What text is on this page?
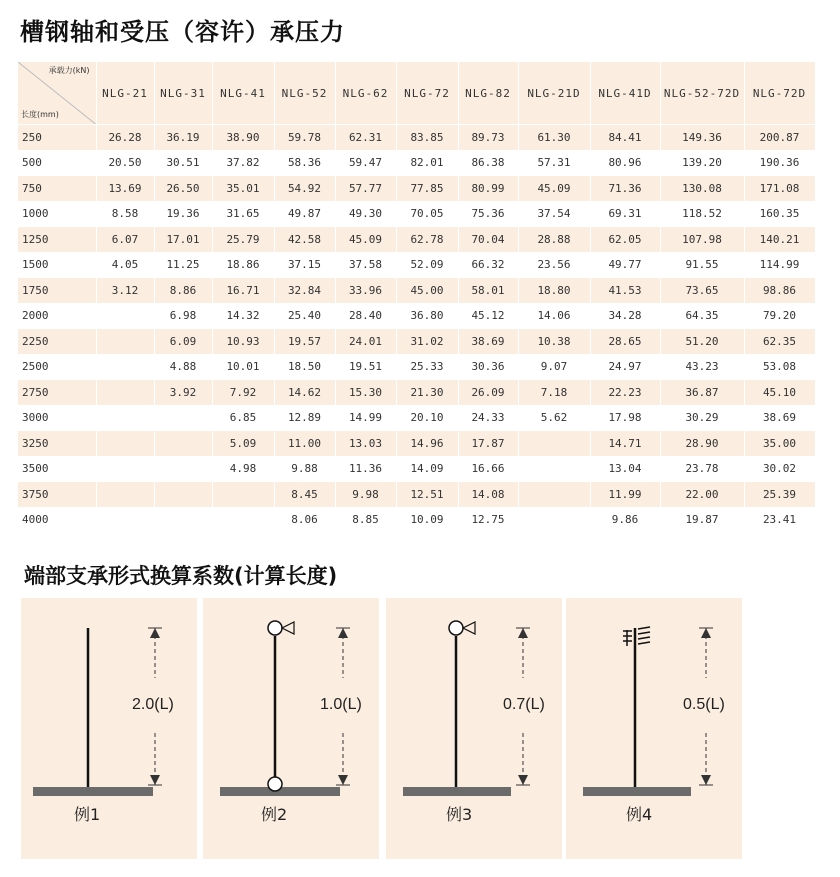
槽钢轴和受压（容许）承压力
承载力(kN)
长度(mm)	NLG-21	NLG-31	NLG-41	NLG-52	NLG-62	NLG-72	NLG-82	NLG-21D	NLG-41D	NLG-52-72D	NLG-72D
250	26.28	36.19	38.90	59.78	62.31	83.85	89.73	61.30	84.41	149.36	200.87
500	20.50	30.51	37.82	58.36	59.47	82.01	86.38	57.31	80.96	139.20	190.36
750	13.69	26.50	35.01	54.92	57.77	77.85	80.99	45.09	71.36	130.08	171.08
1000	8.58	19.36	31.65	49.87	49.30	70.05	75.36	37.54	69.31	118.52	160.35
1250	6.07	17.01	25.79	42.58	45.09	62.78	70.04	28.88	62.05	107.98	140.21
1500	4.05	11.25	18.86	37.15	37.58	52.09	66.32	23.56	49.77	91.55	114.99
1750	3.12	8.86	16.71	32.84	33.96	45.00	58.01	18.80	41.53	73.65	98.86
2000		6.98	14.32	25.40	28.40	36.80	45.12	14.06	34.28	64.35	79.20
2250		6.09	10.93	19.57	24.01	31.02	38.69	10.38	28.65	51.20	62.35
2500		4.88	10.01	18.50	19.51	25.33	30.36	9.07	24.97	43.23	53.08
2750		3.92	7.92	14.62	15.30	21.30	26.09	7.18	22.23	36.87	45.10
3000			6.85	12.89	14.99	20.10	24.33	5.62	17.98	30.29	38.69
3250			5.09	11.00	13.03	14.96	17.87		14.71	28.90	35.00
3500			4.98	9.88	11.36	14.09	16.66		13.04	23.78	30.02
3750				8.45	9.98	12.51	14.08		11.99	22.00	25.39
4000				8.06	8.85	10.09	12.75		9.86	19.87	23.41
端部支承形式换算系数(计算长度)
2.0(L)
例1
1.0(L)
例2
0.7(L)
例3
0.5(L)
例4
